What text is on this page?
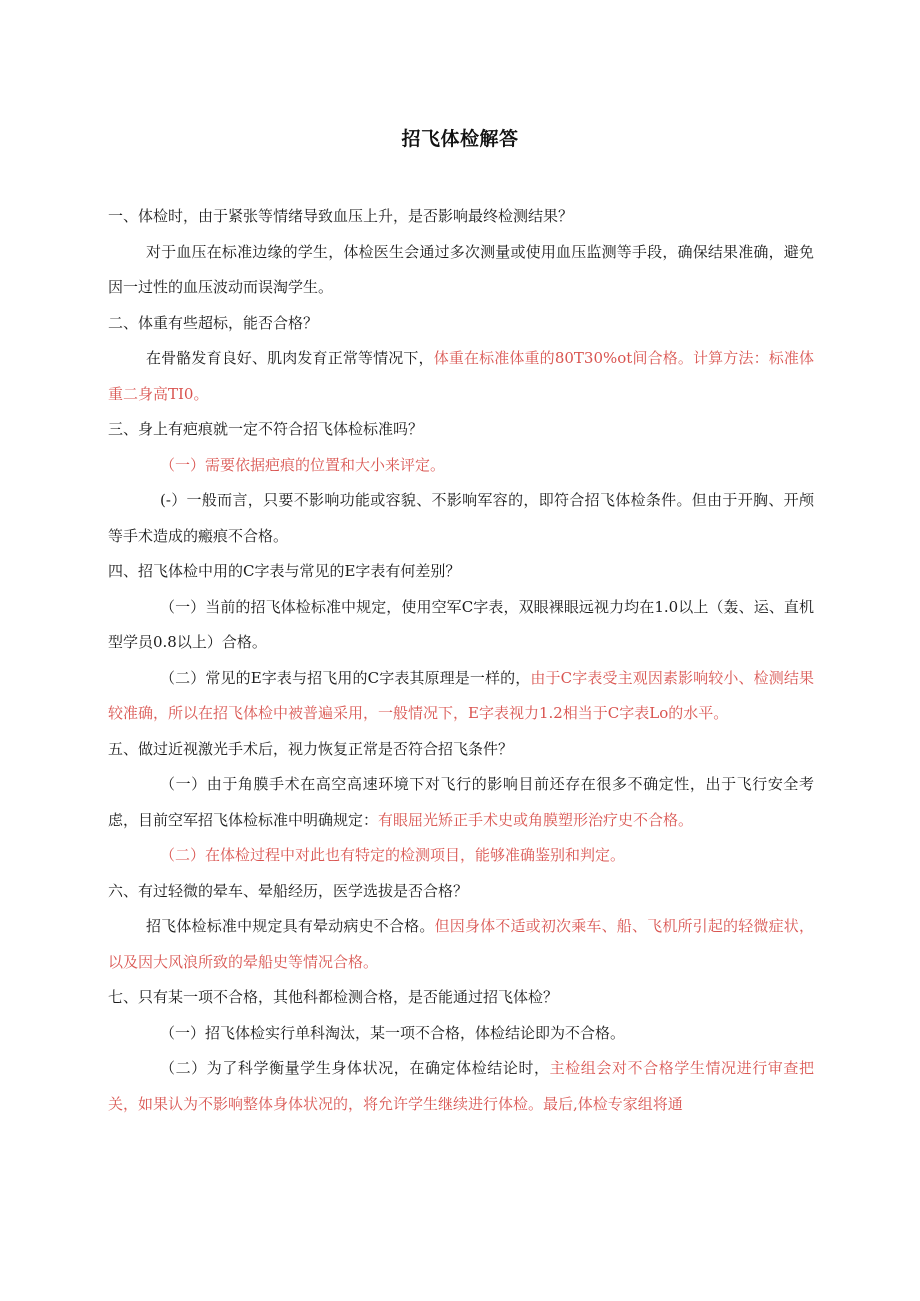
招飞体检解答

一、体检时，由于紧张等情绪导致血压上升，是否影响最终检测结果？

对于血压在标准边缘的学生，体检医生会通过多次测量或使用血压监测等手段，确保结果准确，避免因一过性的血压波动而误淘学生。

二、体重有些超标，能否合格？

在骨骼发育良好、肌肉发育正常等情况下，体重在标准体重的80T30%ot间合格。计算方法：标准体重二身高TI0。

三、身上有疤痕就一定不符合招飞体检标准吗？

（一）需要依据疤痕的位置和大小来评定。

(-）一般而言，只要不影响功能或容貌、不影响军容的，即符合招飞体检条件。但由于开胸、开颅等手术造成的瘢痕不合格。

四、招飞体检中用的C字表与常见的E字表有何差别？

（一）当前的招飞体检标准中规定，使用空军C字表，双眼裸眼远视力均在1.0以上（轰、运、直机型学员0.8以上）合格。

（二）常见的E字表与招飞用的C字表其原理是一样的，由于C字表受主观因素影响较小、检测结果较准确，所以在招飞体检中被普遍采用，一般情况下，E字表视力1.2相当于C字表Lo的水平。

五、做过近视激光手术后，视力恢复正常是否符合招飞条件？

（一）由于角膜手术在高空高速环境下对飞行的影响目前还存在很多不确定性，出于飞行安全考虑，目前空军招飞体检标准中明确规定：有眼屈光矫正手术史或角膜塑形治疗史不合格。

（二）在体检过程中对此也有特定的检测项目，能够准确鉴别和判定。

六、有过轻微的晕车、晕船经历，医学选拔是否合格？

招飞体检标准中规定具有晕动病史不合格。但因身体不适或初次乘车、船、飞机所引起的轻微症状，以及因大风浪所致的晕船史等情况合格。

七、只有某一项不合格，其他科都检测合格，是否能通过招飞体检？

（一）招飞体检实行单科淘汰，某一项不合格，体检结论即为不合格。

（二）为了科学衡量学生身体状况，在确定体检结论时，主检组会对不合格学生情况进行审查把关，如果认为不影响整体身体状况的，将允许学生继续进行体检。最后,体检专家组将通
